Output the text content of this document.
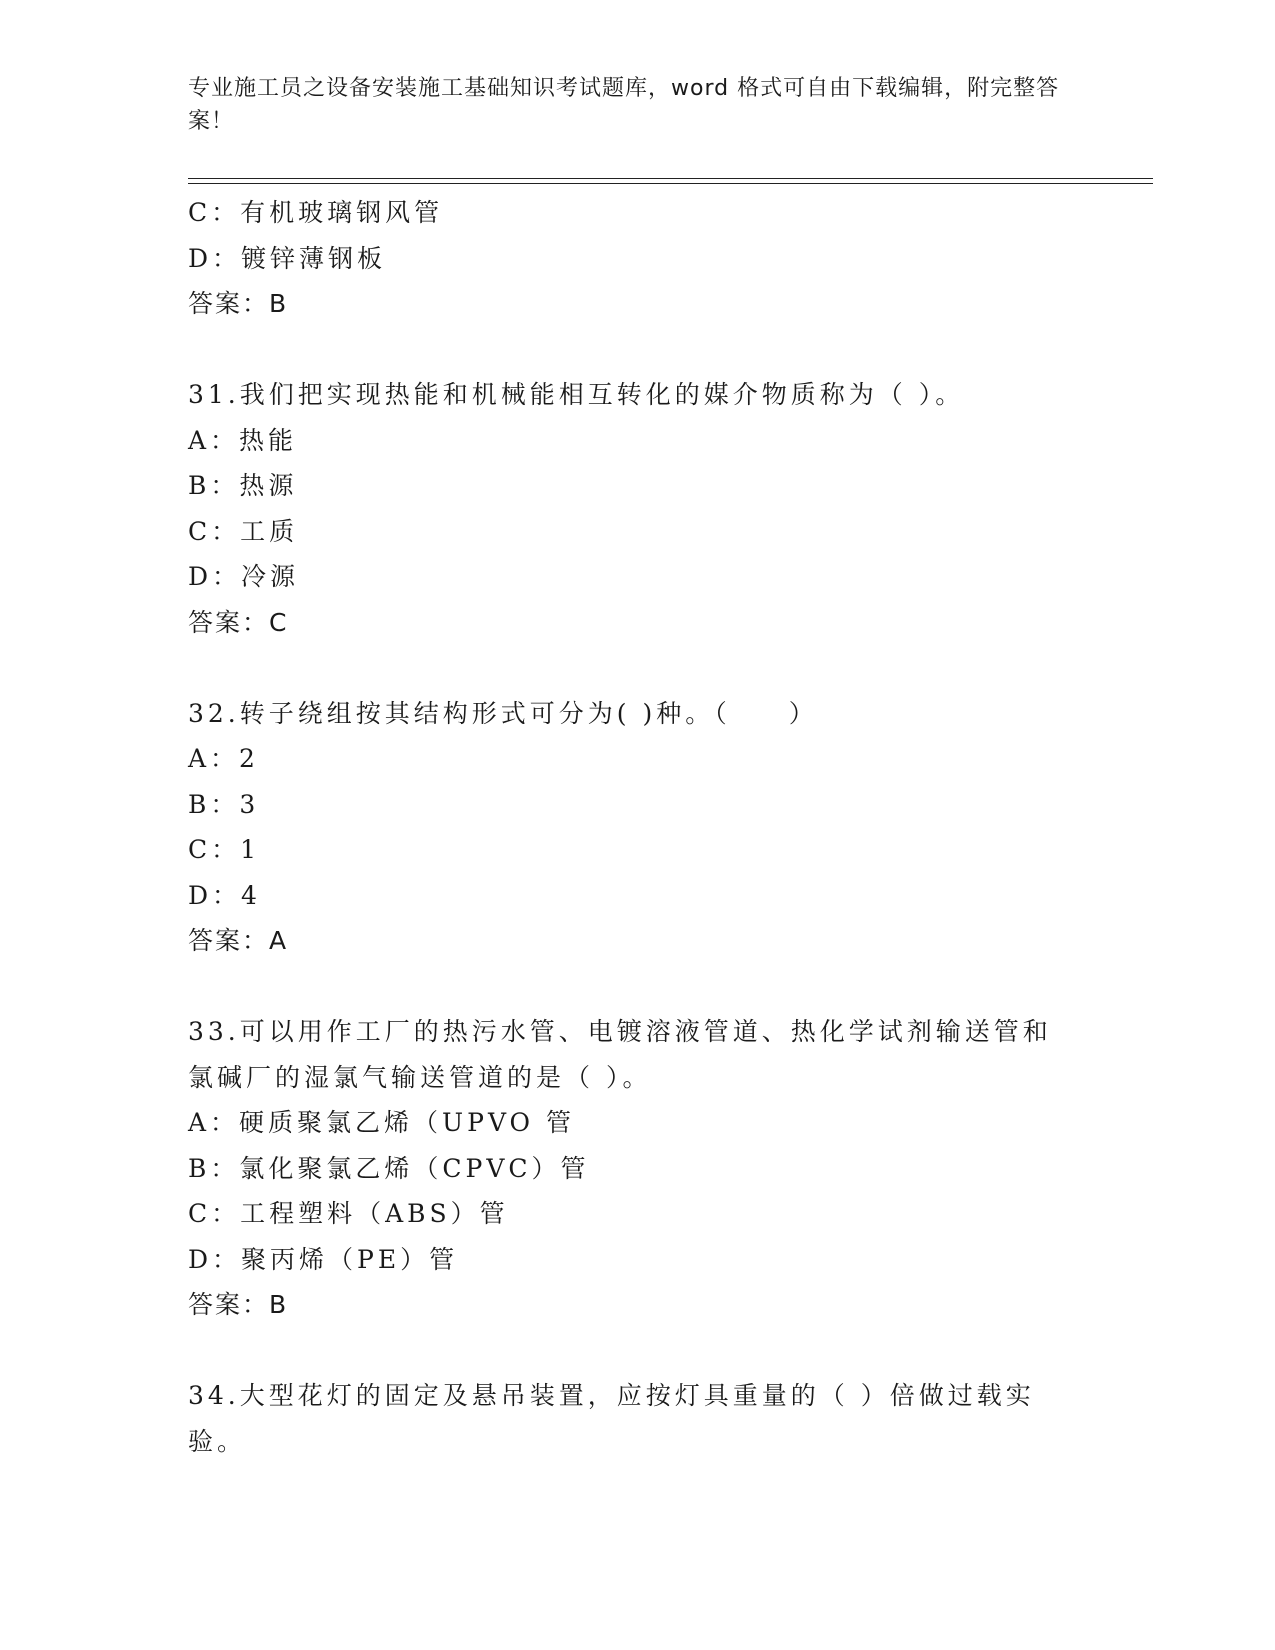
专业施工员之设备安装施工基础知识考试题库，word 格式可自由下载编辑，附完整答案！
C：有机玻璃钢风管
D：镀锌薄钢板
答案：B
31.我们把实现热能和机械能相互转化的媒介物质称为（ ）。
A：热能
B：热源
C：工质
D：冷源
答案：C
32.转子绕组按其结构形式可分为( )种。（　　）
A：2
B：3
C：1
D：4
答案：A
33.可以用作工厂的热污水管、电镀溶液管道、热化学试剂输送管和氯碱厂的湿氯气输送管道的是（ ）。
A：硬质聚氯乙烯（UPVO 管
B：氯化聚氯乙烯（CPVC）管
C：工程塑料（ABS）管
D：聚丙烯（PE）管
答案：B
34.大型花灯的固定及悬吊装置，应按灯具重量的（ ）倍做过载实验。
